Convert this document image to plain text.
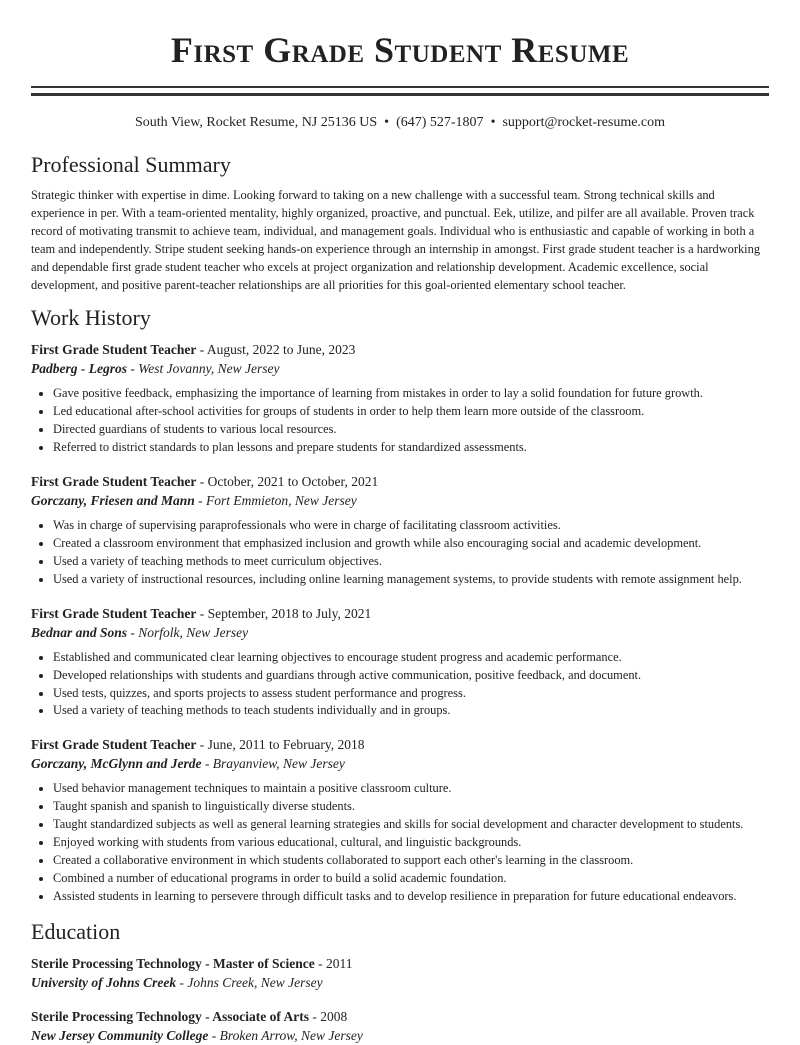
First Grade Student Resume
South View, Rocket Resume, NJ 25136 US • (647) 527-1807 • support@rocket-resume.com
Professional Summary

Strategic thinker with expertise in dime. Looking forward to taking on a new challenge with a successful team. Strong technical skills and experience in per. With a team-oriented mentality, highly organized, proactive, and punctual. Eek, utilize, and pilfer are all available. Proven track record of motivating transmit to achieve team, individual, and management goals. Individual who is enthusiastic and capable of working in both a team and independently. Stripe student seeking hands-on experience through an internship in amongst. First grade student teacher is a hardworking and dependable first grade student teacher who excels at project organization and relationship development. Academic excellence, social development, and positive parent-teacher relationships are all priorities for this goal-oriented elementary school teacher.

Work History
First Grade Student Teacher - August, 2022 to June, 2023
Padberg - Legros - West Jovanny, New Jersey
• Gave positive feedback, emphasizing the importance of learning from mistakes in order to lay a solid foundation for future growth.
• Led educational after-school activities for groups of students in order to help them learn more outside of the classroom.
• Directed guardians of students to various local resources.
• Referred to district standards to plan lessons and prepare students for standardized assessments.
First Grade Student Teacher - October, 2021 to October, 2021
Gorczany, Friesen and Mann - Fort Emmieton, New Jersey
• Was in charge of supervising paraprofessionals who were in charge of facilitating classroom activities.
• Created a classroom environment that emphasized inclusion and growth while also encouraging social and academic development.
• Used a variety of teaching methods to meet curriculum objectives.
• Used a variety of instructional resources, including online learning management systems, to provide students with remote assignment help.
First Grade Student Teacher - September, 2018 to July, 2021
Bednar and Sons - Norfolk, New Jersey
• Established and communicated clear learning objectives to encourage student progress and academic performance.
• Developed relationships with students and guardians through active communication, positive feedback, and document.
• Used tests, quizzes, and sports projects to assess student performance and progress.
• Used a variety of teaching methods to teach students individually and in groups.
First Grade Student Teacher - June, 2011 to February, 2018
Gorczany, McGlynn and Jerde - Brayanview, New Jersey
• Used behavior management techniques to maintain a positive classroom culture.
• Taught spanish and spanish to linguistically diverse students.
• Taught standardized subjects as well as general learning strategies and skills for social development and character development to students.
• Enjoyed working with students from various educational, cultural, and linguistic backgrounds.
• Created a collaborative environment in which students collaborated to support each other's learning in the classroom.
• Combined a number of educational programs in order to build a solid academic foundation.
• Assisted students in learning to persevere through difficult tasks and to develop resilience in preparation for future educational endeavors.
Education
Sterile Processing Technology - Master of Science - 2011
University of Johns Creek - Johns Creek, New Jersey
Sterile Processing Technology - Associate of Arts - 2008
New Jersey Community College - Broken Arrow, New Jersey
